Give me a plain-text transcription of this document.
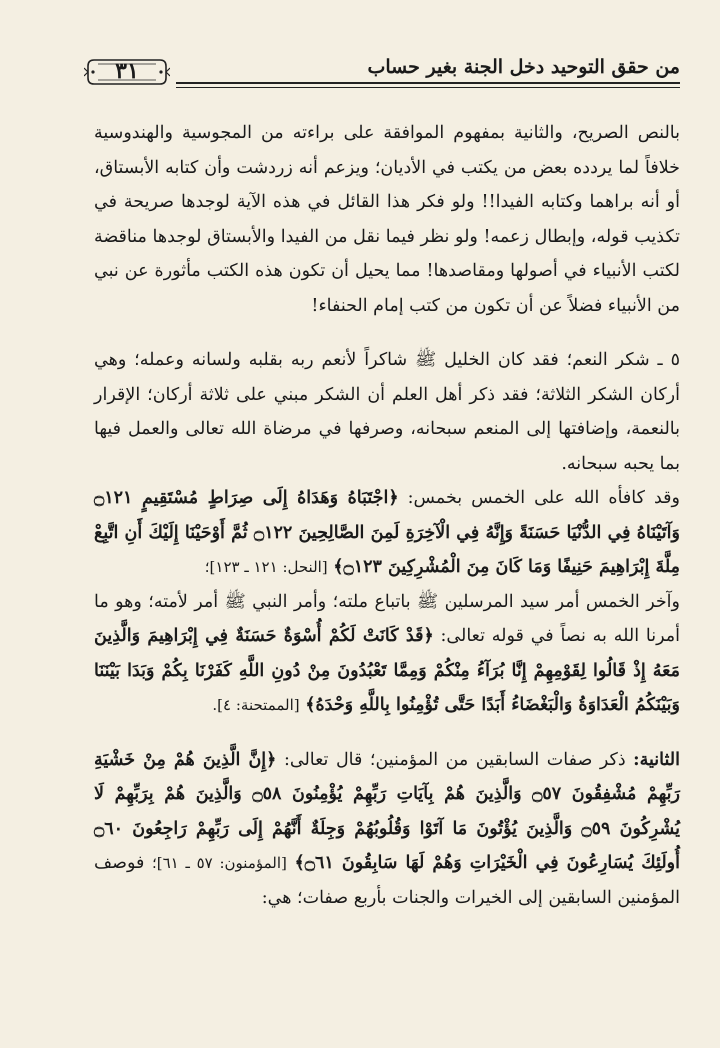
من حقق التوحيد دخل الجنة بغير حساب
٣١

بالنص الصريح، والثانية بمفهوم الموافقة على براءته من المجوسية والهندوسية خلافاً لما يردده بعض من يكتب في الأديان؛ ويزعم أنه زردشت وأن كتابه الأبستاق، أو أنه براهما وكتابه الفيدا!! ولو فكر هذا القائل في هذه الآية لوجدها صريحة في تكذيب قوله، وإبطال زعمه! ولو نظر فيما نقل من الفيدا والأبستاق لوجدها مناقضة لكتب الأنبياء في أصولها ومقاصدها! مما يحيل أن تكون هذه الكتب مأثورة عن نبي من الأنبياء فضلاً عن أن تكون من كتب إمام الحنفاء!

٥ ـ شكر النعم؛ فقد كان الخليل ﷺ شاكراً لأنعم ربه بقلبه ولسانه وعمله؛ وهي أركان الشكر الثلاثة؛ فقد ذكر أهل العلم أن الشكر مبني على ثلاثة أركان؛ الإقرار بالنعمة، وإضافتها إلى المنعم سبحانه، وصرفها في مرضاة الله تعالى والعمل فيها بما يحبه سبحانه.

وقد كافأه الله على الخمس بخمس: ﴿اجْتَبَاهُ وَهَدَاهُ إِلَى صِرَاطٍ مُسْتَقِيمٍ ۝١٢١ وَآتَيْنَاهُ فِي الدُّنْيَا حَسَنَةً وَإِنَّهُ فِي الْآخِرَةِ لَمِنَ الصَّالِحِينَ ۝١٢٢ ثُمَّ أَوْحَيْنَا إِلَيْكَ أَنِ اتَّبِعْ مِلَّةَ إِبْرَاهِيمَ حَنِيفًا وَمَا كَانَ مِنَ الْمُشْرِكِينَ ۝١٢٣﴾ [النحل: ١٢١ ـ ١٢٣]؛

وآخر الخمس أمر سيد المرسلين ﷺ باتباع ملته؛ وأمر النبي ﷺ أمر لأمته؛ وهو ما أمرنا الله به نصاً في قوله تعالى: ﴿قَدْ كَانَتْ لَكُمْ أُسْوَةٌ حَسَنَةٌ فِي إِبْرَاهِيمَ وَالَّذِينَ مَعَهُ إِذْ قَالُوا لِقَوْمِهِمْ إِنَّا بُرَآءُ مِنْكُمْ وَمِمَّا تَعْبُدُونَ مِنْ دُونِ اللَّهِ كَفَرْنَا بِكُمْ وَبَدَا بَيْنَنَا وَبَيْنَكُمُ الْعَدَاوَةُ وَالْبَغْضَاءُ أَبَدًا حَتَّى تُؤْمِنُوا بِاللَّهِ وَحْدَهُ﴾ [الممتحنة: ٤].

الثانية: ذكر صفات السابقين من المؤمنين؛ قال تعالى: ﴿إِنَّ الَّذِينَ هُمْ مِنْ خَشْيَةِ رَبِّهِمْ مُشْفِقُونَ ۝٥٧ وَالَّذِينَ هُمْ بِآيَاتِ رَبِّهِمْ يُؤْمِنُونَ ۝٥٨ وَالَّذِينَ هُمْ بِرَبِّهِمْ لَا يُشْرِكُونَ ۝٥٩ وَالَّذِينَ يُؤْتُونَ مَا آتَوْا وَقُلُوبُهُمْ وَجِلَةٌ أَنَّهُمْ إِلَى رَبِّهِمْ رَاجِعُونَ ۝٦٠ أُولَئِكَ يُسَارِعُونَ فِي الْخَيْرَاتِ وَهُمْ لَهَا سَابِقُونَ ۝٦١﴾ [المؤمنون: ٥٧ ـ ٦١]؛ فوصف المؤمنين السابقين إلى الخيرات والجنات بأربع صفات؛ هي:
